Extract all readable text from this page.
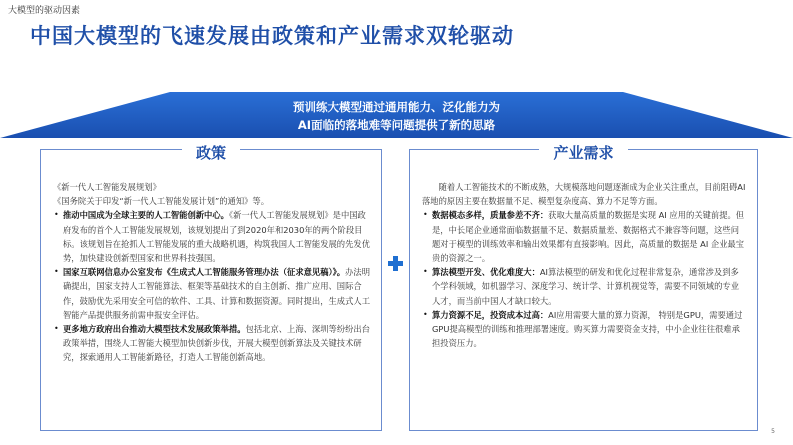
大模型的驱动因素
中国大模型的飞速发展由政策和产业需求双轮驱动
预训练大模型通过通用能力、泛化能力为
AI面临的落地难等问题提供了新的思路
政策

《新一代人工智能发展规划》

《国务院关于印发“新一代人工智能发展计划”的通知》等。

• 推动中国成为全球主要的人工智能创新中心。《新一代人工智能发展规划》是中国政府发布的首个人工智能发展规划，该规划提出了到2020年和2030年的两个阶段目标。该规划旨在抢抓人工智能发展的重大战略机遇，构筑我国人工智能发展的先发优势，加快建设创新型国家和世界科技强国。
• 国家互联网信息办公室发布《生成式人工智能服务管理办法（征求意见稿）》。办法明确提出，国家支持人工智能算法、框架等基础技术的自主创新、推广应用、国际合作，鼓励优先采用安全可信的软件、工具、计算和数据资源。同时提出，生成式人工智能产品提供服务前需申报安全评估。
• 更多地方政府出台推动大模型技术发展政策举措。包括北京、上海、深圳等纷纷出台政策举措，围绕人工智能大模型加快创新步伐，开展大模型创新算法及关键技术研究，探索通用人工智能新路径，打造人工智能创新高地。
产业需求

随着人工智能技术的不断成熟，大规模落地问题逐渐成为企业关注重点，目前阻碍AI落地的原因主要在数据量不足、模型复杂度高、算力不足等方面。

• 数据模态多样，质量参差不齐：获取大量高质量的数据是实现 AI 应用的关键前提。但是，中长尾企业通常面临数据量不足、数据质量差、数据格式不兼容等问题，这些问题对于模型的训练效率和输出效果都有直接影响。因此，高质量的数据是 AI 企业最宝贵的资源之一。
• 算法模型开发、优化难度大：AI算法模型的研发和优化过程非常复杂，通常涉及到多个学科领域，如机器学习、深度学习、统计学、计算机视觉等，需要不同领域的专业人才，而当前中国人才缺口较大。
• 算力资源不足，投资成本过高：AI应用需要大量的算力资源， 特别是GPU，需要通过GPU提高模型的训练和推理部署速度。购买算力需要资金支持，中小企业往往很难承担投资压力。
5
